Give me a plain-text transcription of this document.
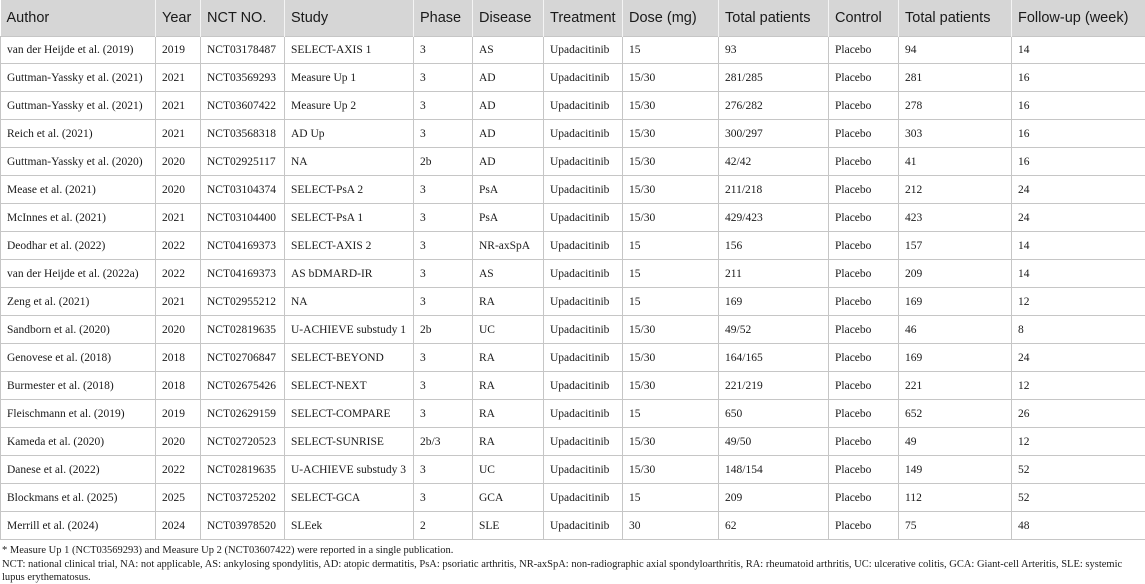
Author	Year	NCT NO.	Study	Phase	Disease	Treatment	Dose (mg)	Total patients	Control	Total patients	Follow-up (week)
van der Heijde et al. (2019)	2019	NCT03178487	SELECT-AXIS 1	3	AS	Upadacitinib	15	93	Placebo	94	14
Guttman-Yassky et al. (2021)	2021	NCT03569293	Measure Up 1	3	AD	Upadacitinib	15/30	281/285	Placebo	281	16
Guttman-Yassky et al. (2021)	2021	NCT03607422	Measure Up 2	3	AD	Upadacitinib	15/30	276/282	Placebo	278	16
Reich et al. (2021)	2021	NCT03568318	AD Up	3	AD	Upadacitinib	15/30	300/297	Placebo	303	16
Guttman-Yassky et al. (2020)	2020	NCT02925117	NA	2b	AD	Upadacitinib	15/30	42/42	Placebo	41	16
Mease et al. (2021)	2020	NCT03104374	SELECT-PsA 2	3	PsA	Upadacitinib	15/30	211/218	Placebo	212	24
McInnes et al. (2021)	2021	NCT03104400	SELECT-PsA 1	3	PsA	Upadacitinib	15/30	429/423	Placebo	423	24
Deodhar et al. (2022)	2022	NCT04169373	SELECT-AXIS 2	3	NR-axSpA	Upadacitinib	15	156	Placebo	157	14
van der Heijde et al. (2022a)	2022	NCT04169373	AS bDMARD-IR	3	AS	Upadacitinib	15	211	Placebo	209	14
Zeng et al. (2021)	2021	NCT02955212	NA	3	RA	Upadacitinib	15	169	Placebo	169	12
Sandborn et al. (2020)	2020	NCT02819635	U-ACHIEVE substudy 1	2b	UC	Upadacitinib	15/30	49/52	Placebo	46	8
Genovese et al. (2018)	2018	NCT02706847	SELECT-BEYOND	3	RA	Upadacitinib	15/30	164/165	Placebo	169	24
Burmester et al. (2018)	2018	NCT02675426	SELECT-NEXT	3	RA	Upadacitinib	15/30	221/219	Placebo	221	12
Fleischmann et al. (2019)	2019	NCT02629159	SELECT-COMPARE	3	RA	Upadacitinib	15	650	Placebo	652	26
Kameda et al. (2020)	2020	NCT02720523	SELECT-SUNRISE	2b/3	RA	Upadacitinib	15/30	49/50	Placebo	49	12
Danese et al. (2022)	2022	NCT02819635	U-ACHIEVE substudy 3	3	UC	Upadacitinib	15/30	148/154	Placebo	149	52
Blockmans et al. (2025)	2025	NCT03725202	SELECT-GCA	3	GCA	Upadacitinib	15	209	Placebo	112	52
Merrill et al. (2024)	2024	NCT03978520	SLEek	2	SLE	Upadacitinib	30	62	Placebo	75	48
* Measure Up 1 (NCT03569293) and Measure Up 2 (NCT03607422) were reported in a single publication.
NCT: national clinical trial, NA: not applicable, AS: ankylosing spondylitis, AD: atopic dermatitis, PsA: psoriatic arthritis, NR-axSpA: non-radiographic axial spondyloarthritis, RA: rheumatoid arthritis, UC: ulcerative colitis, GCA: Giant-cell Arteritis, SLE: systemic lupus erythematosus.
